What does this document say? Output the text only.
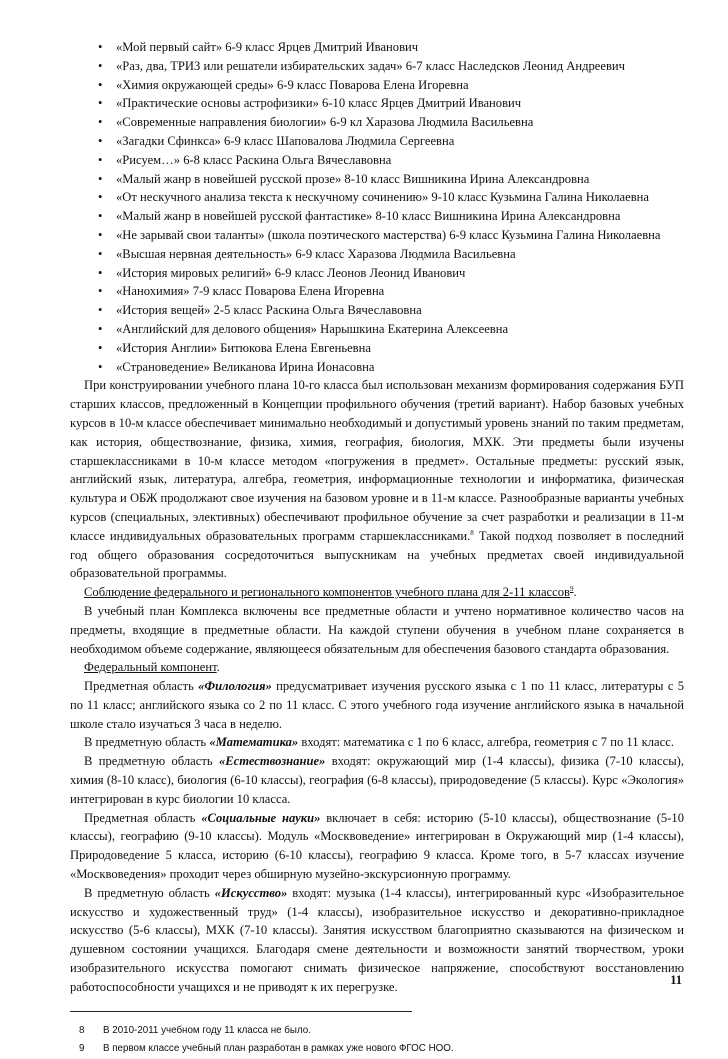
• «Мой первый сайт» 6-9 класс Ярцев Дмитрий Иванович
• «Раз, два, ТРИЗ или решатели избирательских задач» 6-7 класс Наследсков Леонид Андреевич
• «Химия окружающей среды» 6-9 класс Поварова Елена Игоревна
• «Практические основы астрофизики» 6-10 класс Ярцев Дмитрий Иванович
• «Современные направления биологии» 6-9 кл Харазова Людмила Васильевна
• «Загадки Сфинкса» 6-9 класс Шаповалова Людмила Сергеевна
• «Рисуем…» 6-8 класс Раскина Ольга Вячеславовна
• «Малый жанр в новейшей русской прозе» 8-10 класс Вишникина Ирина Александровна
• «От нескучного анализа текста к нескучному сочинению» 9-10 класс Кузьмина Галина Николаевна
• «Малый жанр в новейшей русской фантастике» 8-10 класс Вишникина Ирина Александровна
• «Не зарывай свои таланты» (школа поэтического мастерства) 6-9 класс Кузьмина Галина Николаевна
• «Высшая нервная деятельность» 6-9 класс Харазова Людмила Васильевна
• «История мировых религий» 6-9 класс Леонов Леонид Иванович
• «Нанохимия» 7-9 класс Поварова Елена Игоревна
• «История вещей» 2-5 класс Раскина Ольга Вячеславовна
• «Английский для делового общения» Нарышкина Екатерина Алексеевна
• «История Англии» Битюкова Елена Евгеньевна
• «Страноведение» Великанова Ирина Ионасовна

При конструировании учебного плана 10-го класса был использован механизм формирования содержания БУП старших классов, предложенный в Концепции профильного обучения (третий вариант). Набор базовых учебных курсов в 10-м классе обеспечивает минимально необходимый и допустимый уровень знаний по таким предметам, как история, обществознание, физика, химия, география, биология, МХК. Эти предметы были изучены старшеклассниками в 10-м классе методом «погружения в предмет». Остальные предметы: русский язык, английский язык, литература, алгебра, геометрия, информационные технологии и информатика, физическая культура и ОБЖ продолжают свое изучения на базовом уровне и в 11-м классе. Разнообразные варианты учебных курсов (специальных, элективных) обеспечивают профильное обучение за счет разработки и реализации в 11-м классе индивидуальных образовательных программ старшеклассниками.$^8$ Такой подход позволяет в последний год общего образования сосредоточиться выпускникам на учебных предметах своей индивидуальной образовательной программы.

Соблюдение федерального и регионального компонентов учебного плана для 2-11 классов$^9$.

В учебный план Комплекса включены все предметные области и учтено нормативное количество часов на предметы, входящие в предметные области. На каждой ступени обучения в учебном плане сохраняется в необходимом объеме содержание, являющееся обязательным для обеспечения базового стандарта образования.

Федеральный компонент.

Предметная область «Филология» предусматривает изучения русского языка с 1 по 11 класс, литературы с 5 по 11 класс; английского языка со 2 по 11 класс. С этого учебного года изучение английского языка в начальной школе стало изучаться 3 часа в неделю.

В предметную область «Математика» входят: математика с 1 по 6 класс, алгебра, геометрия с 7 по 11 класс.

В предметную область «Естествознание» входят: окружающий мир (1-4 классы), физика (7-10 классы), химия (8-10 класс), биология (6-10 классы), география (6-8 классы), природоведение (5 классы). Курс «Экология» интегрирован в курс биологии 10 класса.

Предметная область «Социальные науки» включает в себя: историю (5-10 классы), обществознание (5-10 классы), географию (9-10 классы). Модуль «Москвоведение» интегрирован в Окружающий мир (1-4 классы), Природоведение 5 класса, историю (6-10 классы), географию 9 класса. Кроме того, в 5-7 классах изучение «Москвоведения» проходит через обширную музейно-экскурсионную программу.

В предметную область «Искусство» входят: музыка (1-4 классы), интегрированный курс «Изобразительное искусство и художественный труд» (1-4 классы), изобразительное искусство и декоративно-прикладное искусство (5-6 классы), МХК (7-10 классы). Занятия искусством благоприятно сказываются на физическом и душевном состоянии учащихся. Благодаря смене деятельности и возможности занятий творчеством, уроки изобразительного искусства помогают снимать физическое напряжение, способствуют восстановлению работоспособности учащихся и не приводят к их перегрузке.

8	В 2010-2011 учебном году 11 класса не было.
9	В первом классе учебный план разработан в рамках уже нового ФГОС НОО.
11
